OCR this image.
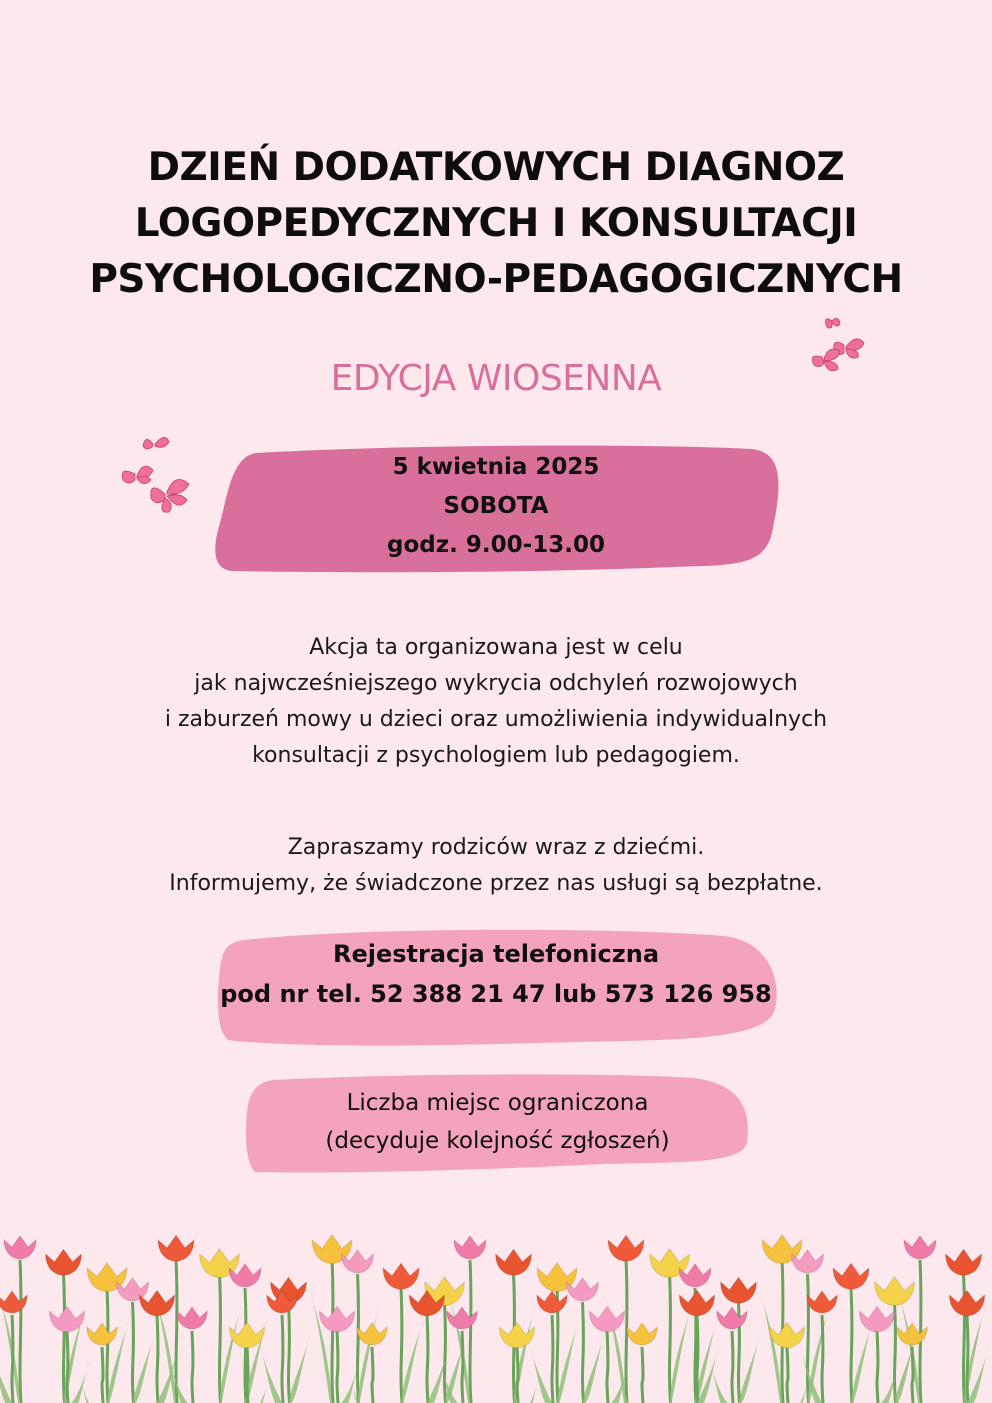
DZIEŃ DODATKOWYCH DIAGNOZ
LOGOPEDYCZNYCH I KONSULTACJI
PSYCHOLOGICZNO-PEDAGOGICZNYCH
EDYCJA WIOSENNA
5 kwietnia 2025
SOBOTA
godz. 9.00-13.00
Akcja ta organizowana jest w celu
jak najwcześniejszego wykrycia odchyleń rozwojowych
i zaburzeń mowy u dzieci oraz umożliwienia indywidualnych
konsultacji z psychologiem lub pedagogiem.
Zapraszamy rodziców wraz z dziećmi.
Informujemy, że świadczone przez nas usługi są bezpłatne.
Rejestracja telefoniczna
pod nr tel. 52 388 21 47 lub 573 126 958
Liczba miejsc ograniczona
(decyduje kolejność zgłoszeń)
